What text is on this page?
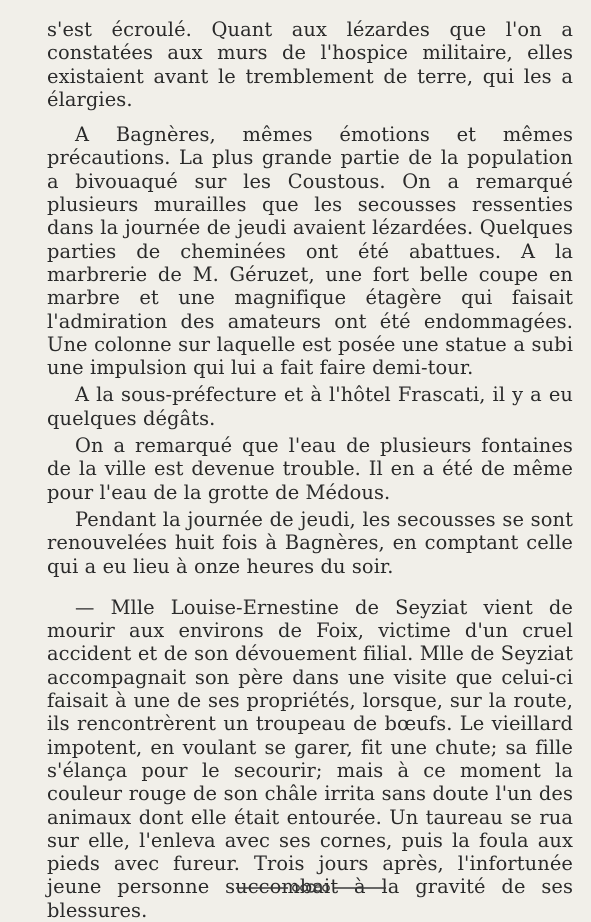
s'est écroulé. Quant aux lézardes que l'on a constatées aux murs de l'hospice militaire, elles existaient avant le tremblement de terre, qui les a élargies.

A Bagnères, mêmes émotions et mêmes précautions. La plus grande partie de la population a bivouaqué sur les Coustous. On a remarqué plusieurs murailles que les secousses ressenties dans la journée de jeudi avaient lézardées. Quelques parties de cheminées ont été abattues. A la marbrerie de M. Géruzet, une fort belle coupe en marbre et une magnifique étagère qui faisait l'admiration des amateurs ont été endommagées. Une colonne sur laquelle est posée une statue a subi une impulsion qui lui a fait faire demi-tour.

A la sous-préfecture et à l'hôtel Frascati, il y a eu quelques dégâts.

On a remarqué que l'eau de plusieurs fontaines de la ville est devenue trouble. Il en a été de même pour l'eau de la grotte de Médous.

Pendant la journée de jeudi, les secousses se sont renouvelées huit fois à Bagnères, en comptant celle qui a eu lieu à onze heures du soir.

— Mlle Louise-Ernestine de Seyziat vient de mourir aux environs de Foix, victime d'un cruel accident et de son dévouement filial. Mlle de Seyziat accompagnait son père dans une visite que celui-ci faisait à une de ses propriétés, lorsque, sur la route, ils rencontrèrent un troupeau de bœufs. Le vieillard impotent, en voulant se garer, fit une chute; sa fille s'élança pour le secourir; mais à ce moment la couleur rouge de son châle irrita sans doute l'un des animaux dont elle était entourée. Un taureau se rua sur elle, l'enleva avec ses cornes, puis la foula aux pieds avec fureur. Trois jours après, l'infortunée jeune personne succombait à la gravité de ses blessures.
